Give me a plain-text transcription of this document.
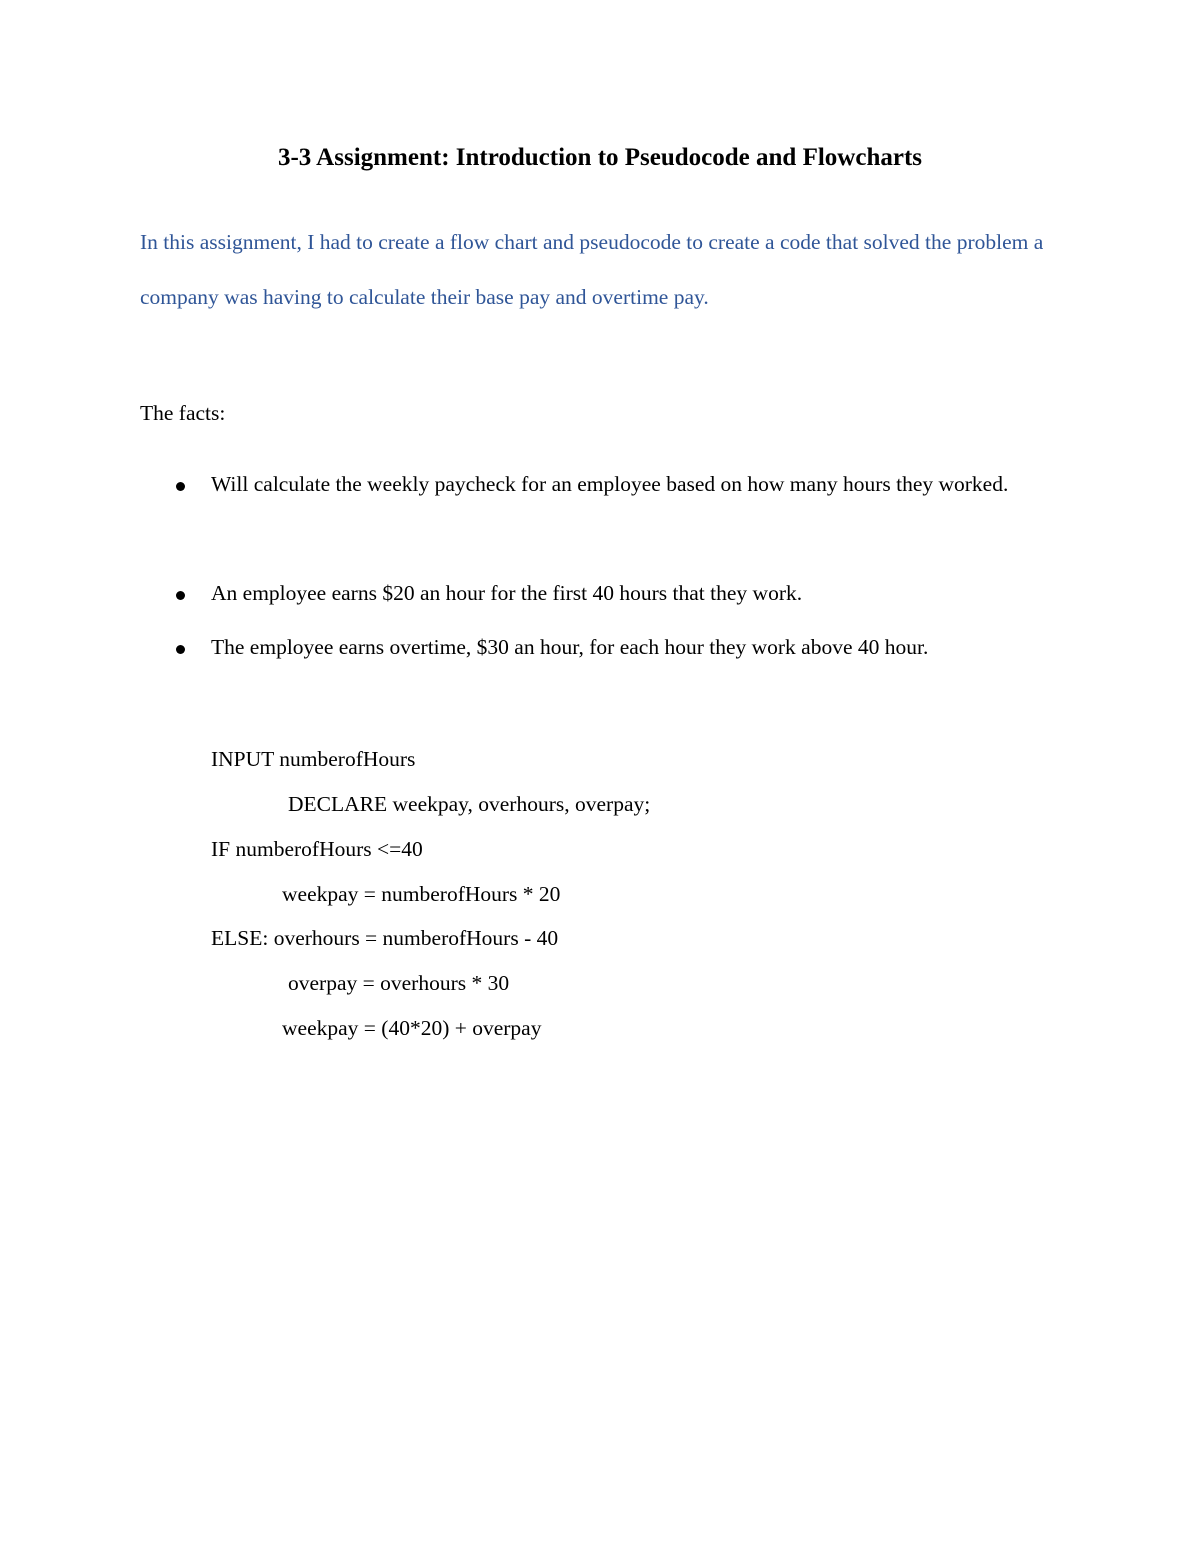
3-3 Assignment: Introduction to Pseudocode and Flowcharts

In this assignment, I had to create a flow chart and pseudocode to create a code that solved the problem a company was having to calculate their base pay and overtime pay.

The facts:

Will calculate the weekly paycheck for an employee based on how many hours they worked.
An employee earns $20 an hour for the first 40 hours that they work.
The employee earns overtime, $30 an hour, for each hour they work above 40 hour.
INPUT numberofHours
DECLARE weekpay, overhours, overpay;
IF numberofHours <=40
weekpay = numberofHours * 20
ELSE: overhours = numberofHours - 40
overpay = overhours * 30
weekpay = (40*20) + overpay
